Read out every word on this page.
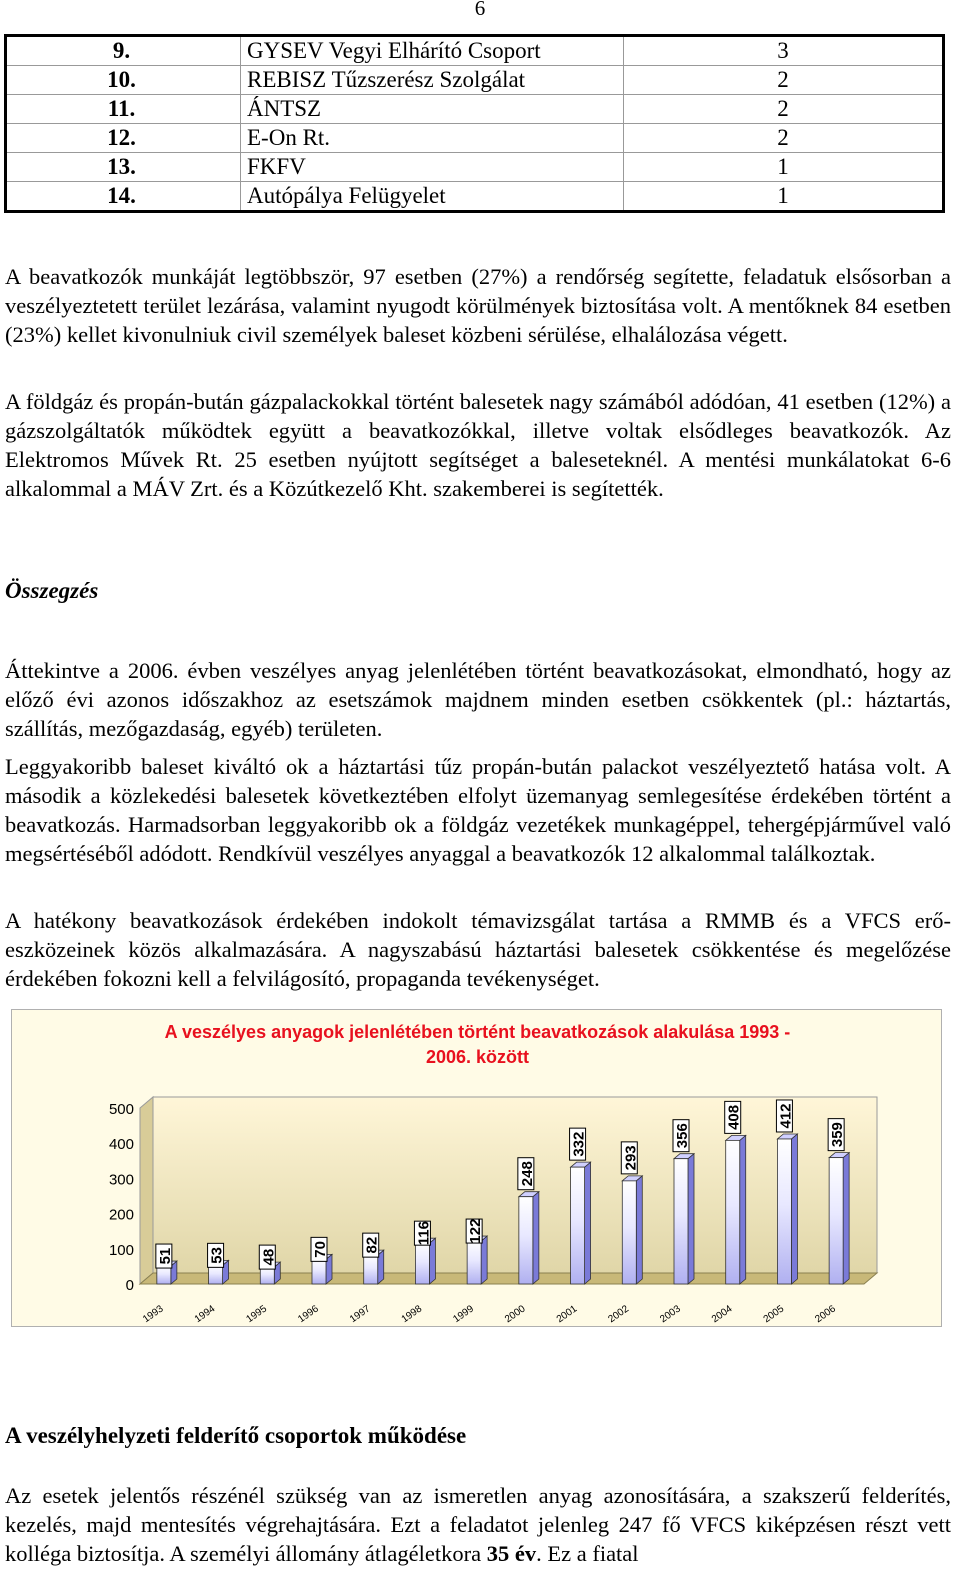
6
9.	GYSEV Vegyi Elhárító Csoport	3
10.	REBISZ Tűzszerész Szolgálat	2
11.	ÁNTSZ	2
12.	E-On Rt.	2
13.	FKFV	1
14.	Autópálya Felügyelet	1

A beavatkozók munkáját legtöbbször, 97 esetben (27%) a rendőrség segítette, feladatuk elsősorban a veszélyeztetett terület lezárása, valamint nyugodt körülmények biztosítása volt. A mentőknek 84 esetben (23%) kellet kivonulniuk civil személyek baleset közbeni sérülése, elhalálozása végett.

A földgáz és propán-bután gázpalackokkal történt balesetek nagy számából adódóan, 41 esetben (12%) a gázszolgáltatók működtek együtt a beavatkozókkal, illetve voltak elsődleges beavatkozók. Az Elektromos Művek Rt. 25 esetben nyújtott segítséget a baleseteknél. A mentési munkálatokat 6-6 alkalommal a MÁV Zrt. és a Közútkezelő Kht. szakemberei is segítették.

Összegzés

Áttekintve a 2006. évben veszélyes anyag jelenlétében történt beavatkozásokat, elmondható, hogy az előző évi azonos időszakhoz az esetszámok majdnem minden esetben csökkentek (pl.: háztartás, szállítás, mezőgazdaság, egyéb) területen.

Leggyakoribb baleset kiváltó ok a háztartási tűz propán-bután palackot veszélyeztető hatása volt. A második a közlekedési balesetek következtében elfolyt üzemanyag semlegesítése érdekében történt a beavatkozás. Harmadsorban leggyakoribb ok a földgáz vezetékek munkagéppel, tehergépjárművel való megsértéséből adódott. Rendkívül veszélyes anyaggal a beavatkozók 12 alkalommal találkoztak.

A hatékony beavatkozások érdekében indokolt témavizsgálat tartása a RMMB és a VFCS erő-eszközeinek közös alkalmazására. A nagyszabású háztartási balesetek csökkentése és megelőzése érdekében fokozni kell a felvilágosító, propaganda tevékenységet.

0
100
200
300
400
500
51
1993
53
1994
48
1995
70
1996
82
1997
116
1998
122
1999
248
2000
332
2001
293
2002
356
2003
408
2004
412
2005
359
2006
A veszélyes anyagok jelenlétében történt beavatkozások alakulása 1993 -
2006. között
A veszélyhelyzeti felderítő csoportok működése

Az esetek jelentős részénél szükség van az ismeretlen anyag azonosítására, a szakszerű felderítés, kezelés, majd mentesítés végrehajtására. Ezt a feladatot jelenleg 247 fő VFCS kiképzésen részt vett kolléga biztosítja. A személyi állomány átlagéletkora 35 év. Ez a fiatal
